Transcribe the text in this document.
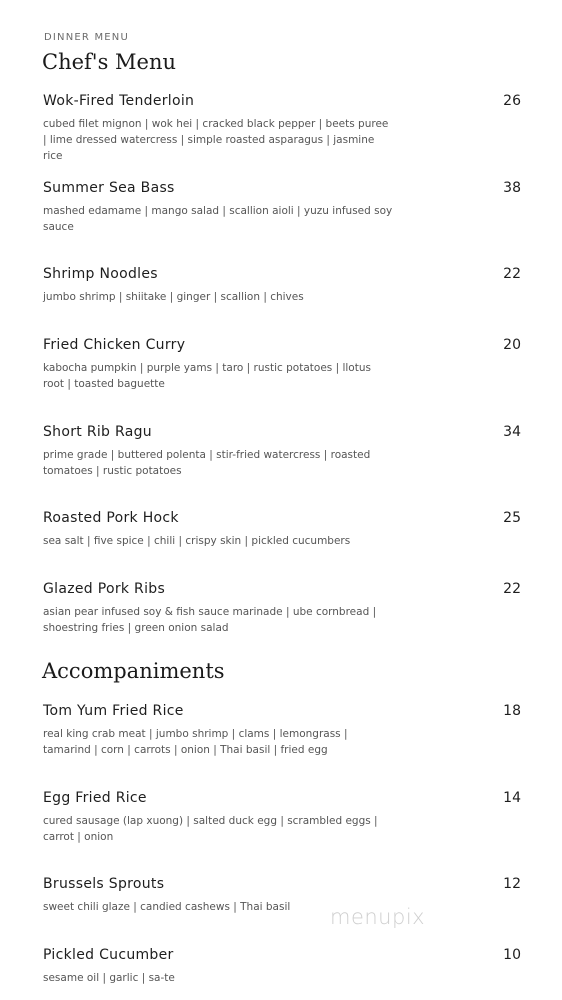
DINNER MENU
Chef's Menu
Wok-Fired Tenderloin	26
cubed filet mignon | wok hei | cracked black pepper | beets puree | lime dressed watercress | simple roasted asparagus | jasmine rice
Summer Sea Bass	38
mashed edamame | mango salad | scallion aioli | yuzu infused soy sauce
Shrimp Noodles	22
jumbo shrimp | shiitake | ginger | scallion | chives
Fried Chicken Curry	20
kabocha pumpkin | purple yams | taro | rustic potatoes | llotus root | toasted baguette
Short Rib Ragu	34
prime grade | buttered polenta | stir-fried watercress | roasted tomatoes | rustic potatoes
Roasted Pork Hock	25
sea salt | five spice | chili | crispy skin | pickled cucumbers
Glazed Pork Ribs	22
asian pear infused soy & fish sauce marinade | ube cornbread | shoestring fries | green onion salad
Accompaniments
Tom Yum Fried Rice	18
real king crab meat | jumbo shrimp | clams | lemongrass | tamarind | corn | carrots | onion | Thai basil | fried egg
Egg Fried Rice	14
cured sausage (lap xuong) | salted duck egg | scrambled eggs | carrot | onion
Brussels Sprouts	12
sweet chili glaze | candied cashews | Thai basil
Pickled Cucumber	10
sesame oil | garlic | sa-te
menupix
